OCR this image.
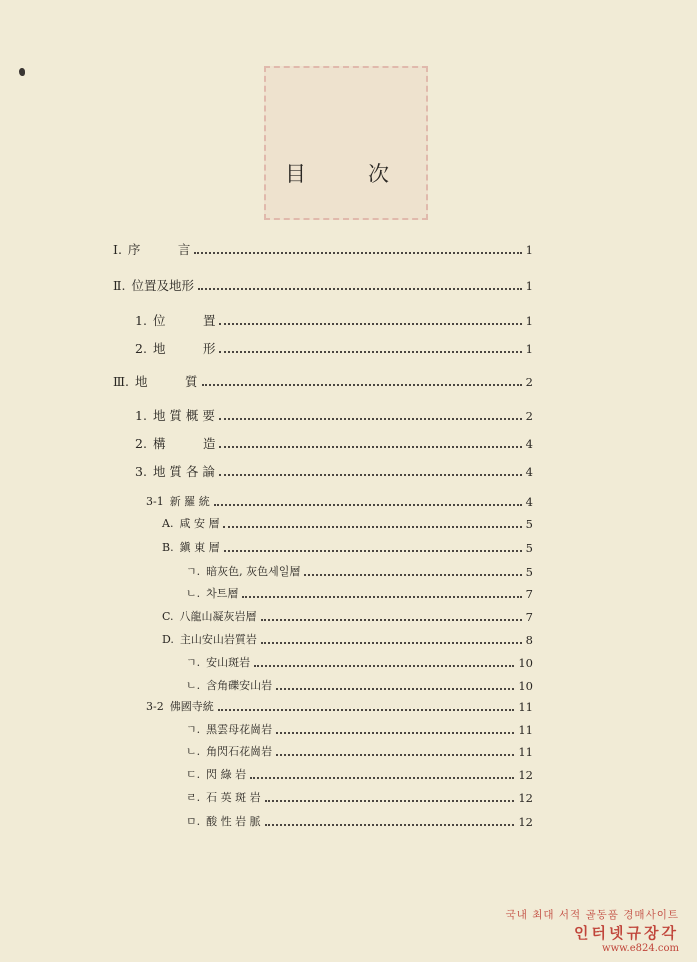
目	次
Ⅰ. 序　　　言	1
Ⅱ. 位置及地形	1
1. 位　　　置	1
2. 地　　　形	1
Ⅲ. 地　　　質	2
1. 地 質 概 要	2
2. 構　　　造	4
3. 地 質 各 論	4
3-1 新 羅 統	4
A. 咸 安 層	5
B. 鎭 東 層	5
ㄱ. 暗灰色, 灰色세일層	5
ㄴ. 차트層	7
C. 八龍山凝灰岩層	7
D. 主山安山岩質岩	8
ㄱ. 安山斑岩	10
ㄴ. 含角礫安山岩	10
3-2 佛國寺統	11
ㄱ. 黑雲母花崗岩	11
ㄴ. 角閃石花崗岩	11
ㄷ. 閃 綠 岩	12
ㄹ. 石 英 斑 岩	12
ㅁ. 酸 性 岩 脈	12
국내 최대 서적 골동품 경매사이트
인터넷규장각
www.e824.com
